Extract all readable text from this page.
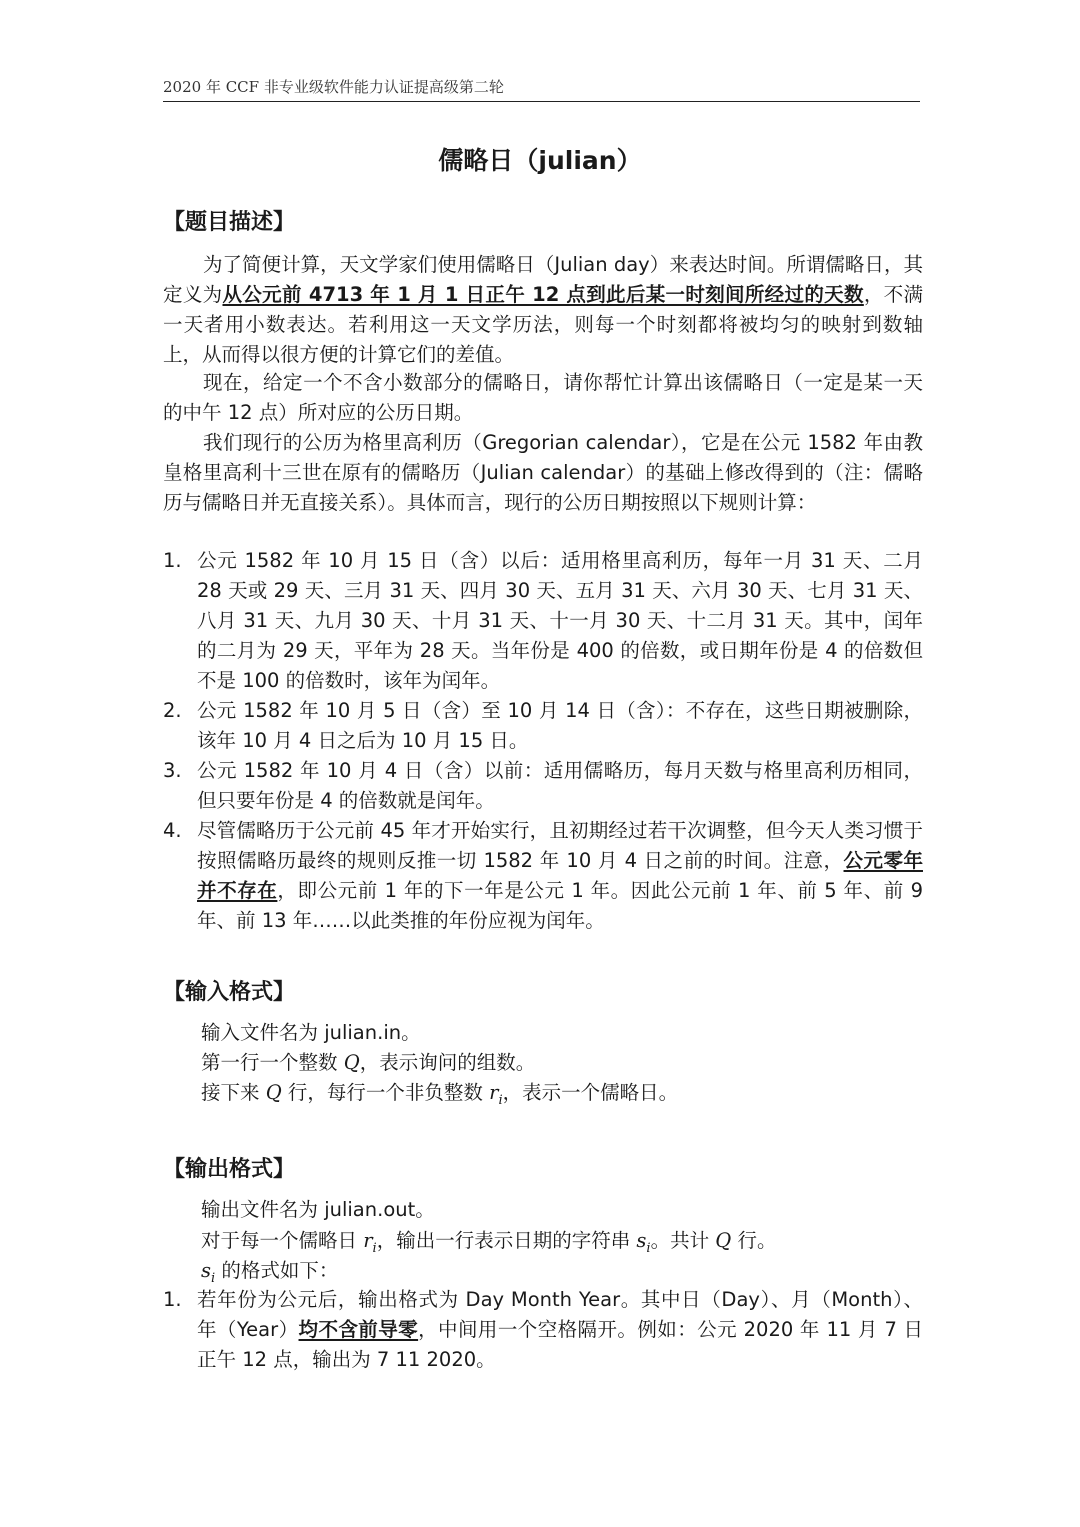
2020 年 CCF 非专业级软件能力认证提高级第二轮
儒略日（julian）
【题目描述】
为了简便计算，天文学家们使用儒略日（Julian day）来表达时间。所谓儒略日，其定义为从公元前 4713 年 1 月 1 日正午 12 点到此后某一时刻间所经过的天数，不满一天者用小数表达。若利用这一天文学历法，则每一个时刻都将被均匀的映射到数轴上，从而得以很方便的计算它们的差值。
现在，给定一个不含小数部分的儒略日，请你帮忙计算出该儒略日（一定是某一天的中午 12 点）所对应的公历日期。
我们现行的公历为格里高利历（Gregorian calendar），它是在公元 1582 年由教皇格里高利十三世在原有的儒略历（Julian calendar）的基础上修改得到的（注：儒略历与儒略日并无直接关系）。具体而言，现行的公历日期按照以下规则计算：
1. 公元 1582 年 10 月 15 日（含）以后：适用格里高利历，每年一月 31 天、二月 28 天或 29 天、三月 31 天、四月 30 天、五月 31 天、六月 30 天、七月 31 天、八月 31 天、九月 30 天、十月 31 天、十一月 30 天、十二月 31 天。其中，闰年的二月为 29 天，平年为 28 天。当年份是 400 的倍数，或日期年份是 4 的倍数但不是 100 的倍数时，该年为闰年。
2. 公元 1582 年 10 月 5 日（含）至 10 月 14 日（含）：不存在，这些日期被删除，该年 10 月 4 日之后为 10 月 15 日。
3. 公元 1582 年 10 月 4 日（含）以前：适用儒略历，每月天数与格里高利历相同，但只要年份是 4 的倍数就是闰年。
4. 尽管儒略历于公元前 45 年才开始实行，且初期经过若干次调整，但今天人类习惯于按照儒略历最终的规则反推一切 1582 年 10 月 4 日之前的时间。注意，公元零年并不存在，即公元前 1 年的下一年是公元 1 年。因此公元前 1 年、前 5 年、前 9 年、前 13 年……以此类推的年份应视为闰年。
【输入格式】
输入文件名为 julian.in。
第一行一个整数 Q，表示询问的组数。
接下来 Q 行，每行一个非负整数 $r_i$，表示一个儒略日。
【输出格式】
输出文件名为 julian.out。
对于每一个儒略日 $r_i$，输出一行表示日期的字符串 $s_i$。共计 Q 行。
$s_i$ 的格式如下：
1. 若年份为公元后，输出格式为 Day Month Year。其中日（Day）、月（Month）、年（Year）均不含前导零，中间用一个空格隔开。例如：公元 2020 年 11 月 7 日正午 12 点，输出为 7 11 2020。
